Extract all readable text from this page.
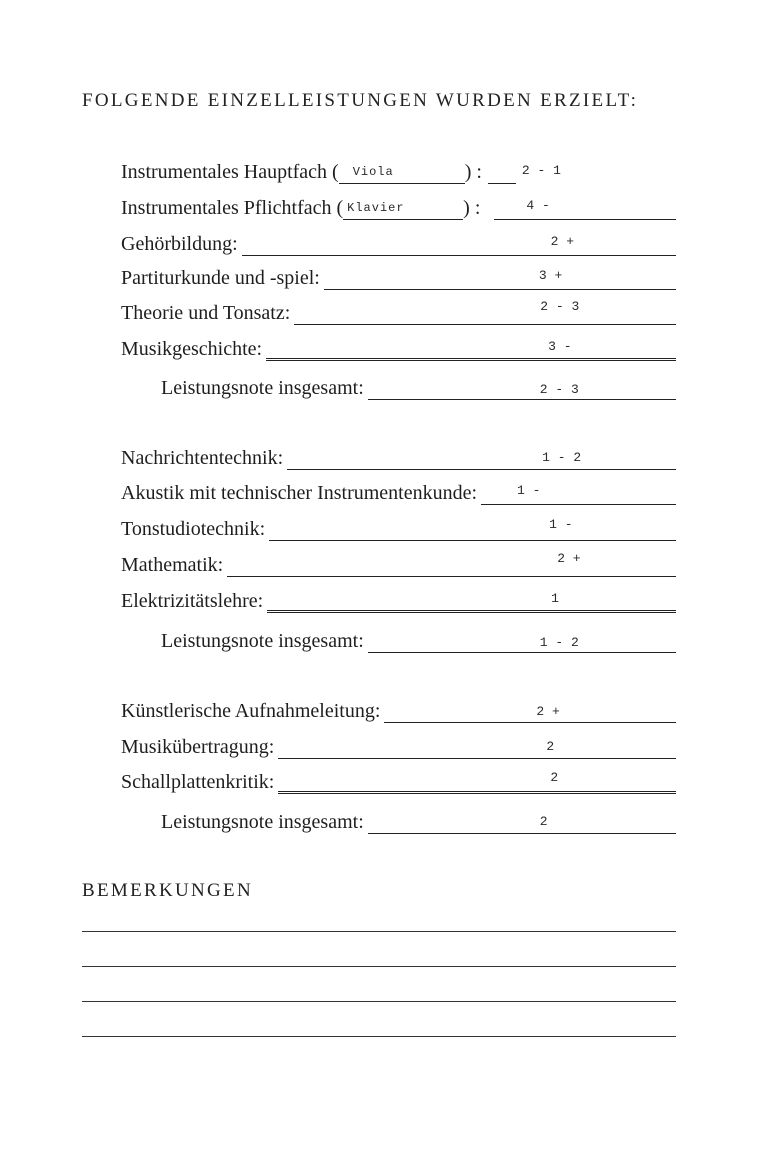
FOLGENDE EINZELLEISTUNGEN WURDEN ERZIELT:
Instrumentales Hauptfach ( Viola	) :	2 - 1
Instrumentales Pflichtfach ( Klavier	) :	4 -
Gehörbildung:	2 +
Partiturkunde und -spiel:	3 +
Theorie und Tonsatz:	2 - 3
Musikgeschichte:	3 -
Leistungsnote insgesamt:	2 - 3
Nachrichtentechnik:	1 - 2
Akustik mit technischer Instrumentenkunde:	1 -
Tonstudiotechnik:	1 -
Mathematik:	2 +
Elektrizitätslehre:	1
Leistungsnote insgesamt:	1 - 2
Künstlerische Aufnahmeleitung:	2 +
Musikübertragung:	2
Schallplattenkritik:	2
Leistungsnote insgesamt:	2
BEMERKUNGEN
